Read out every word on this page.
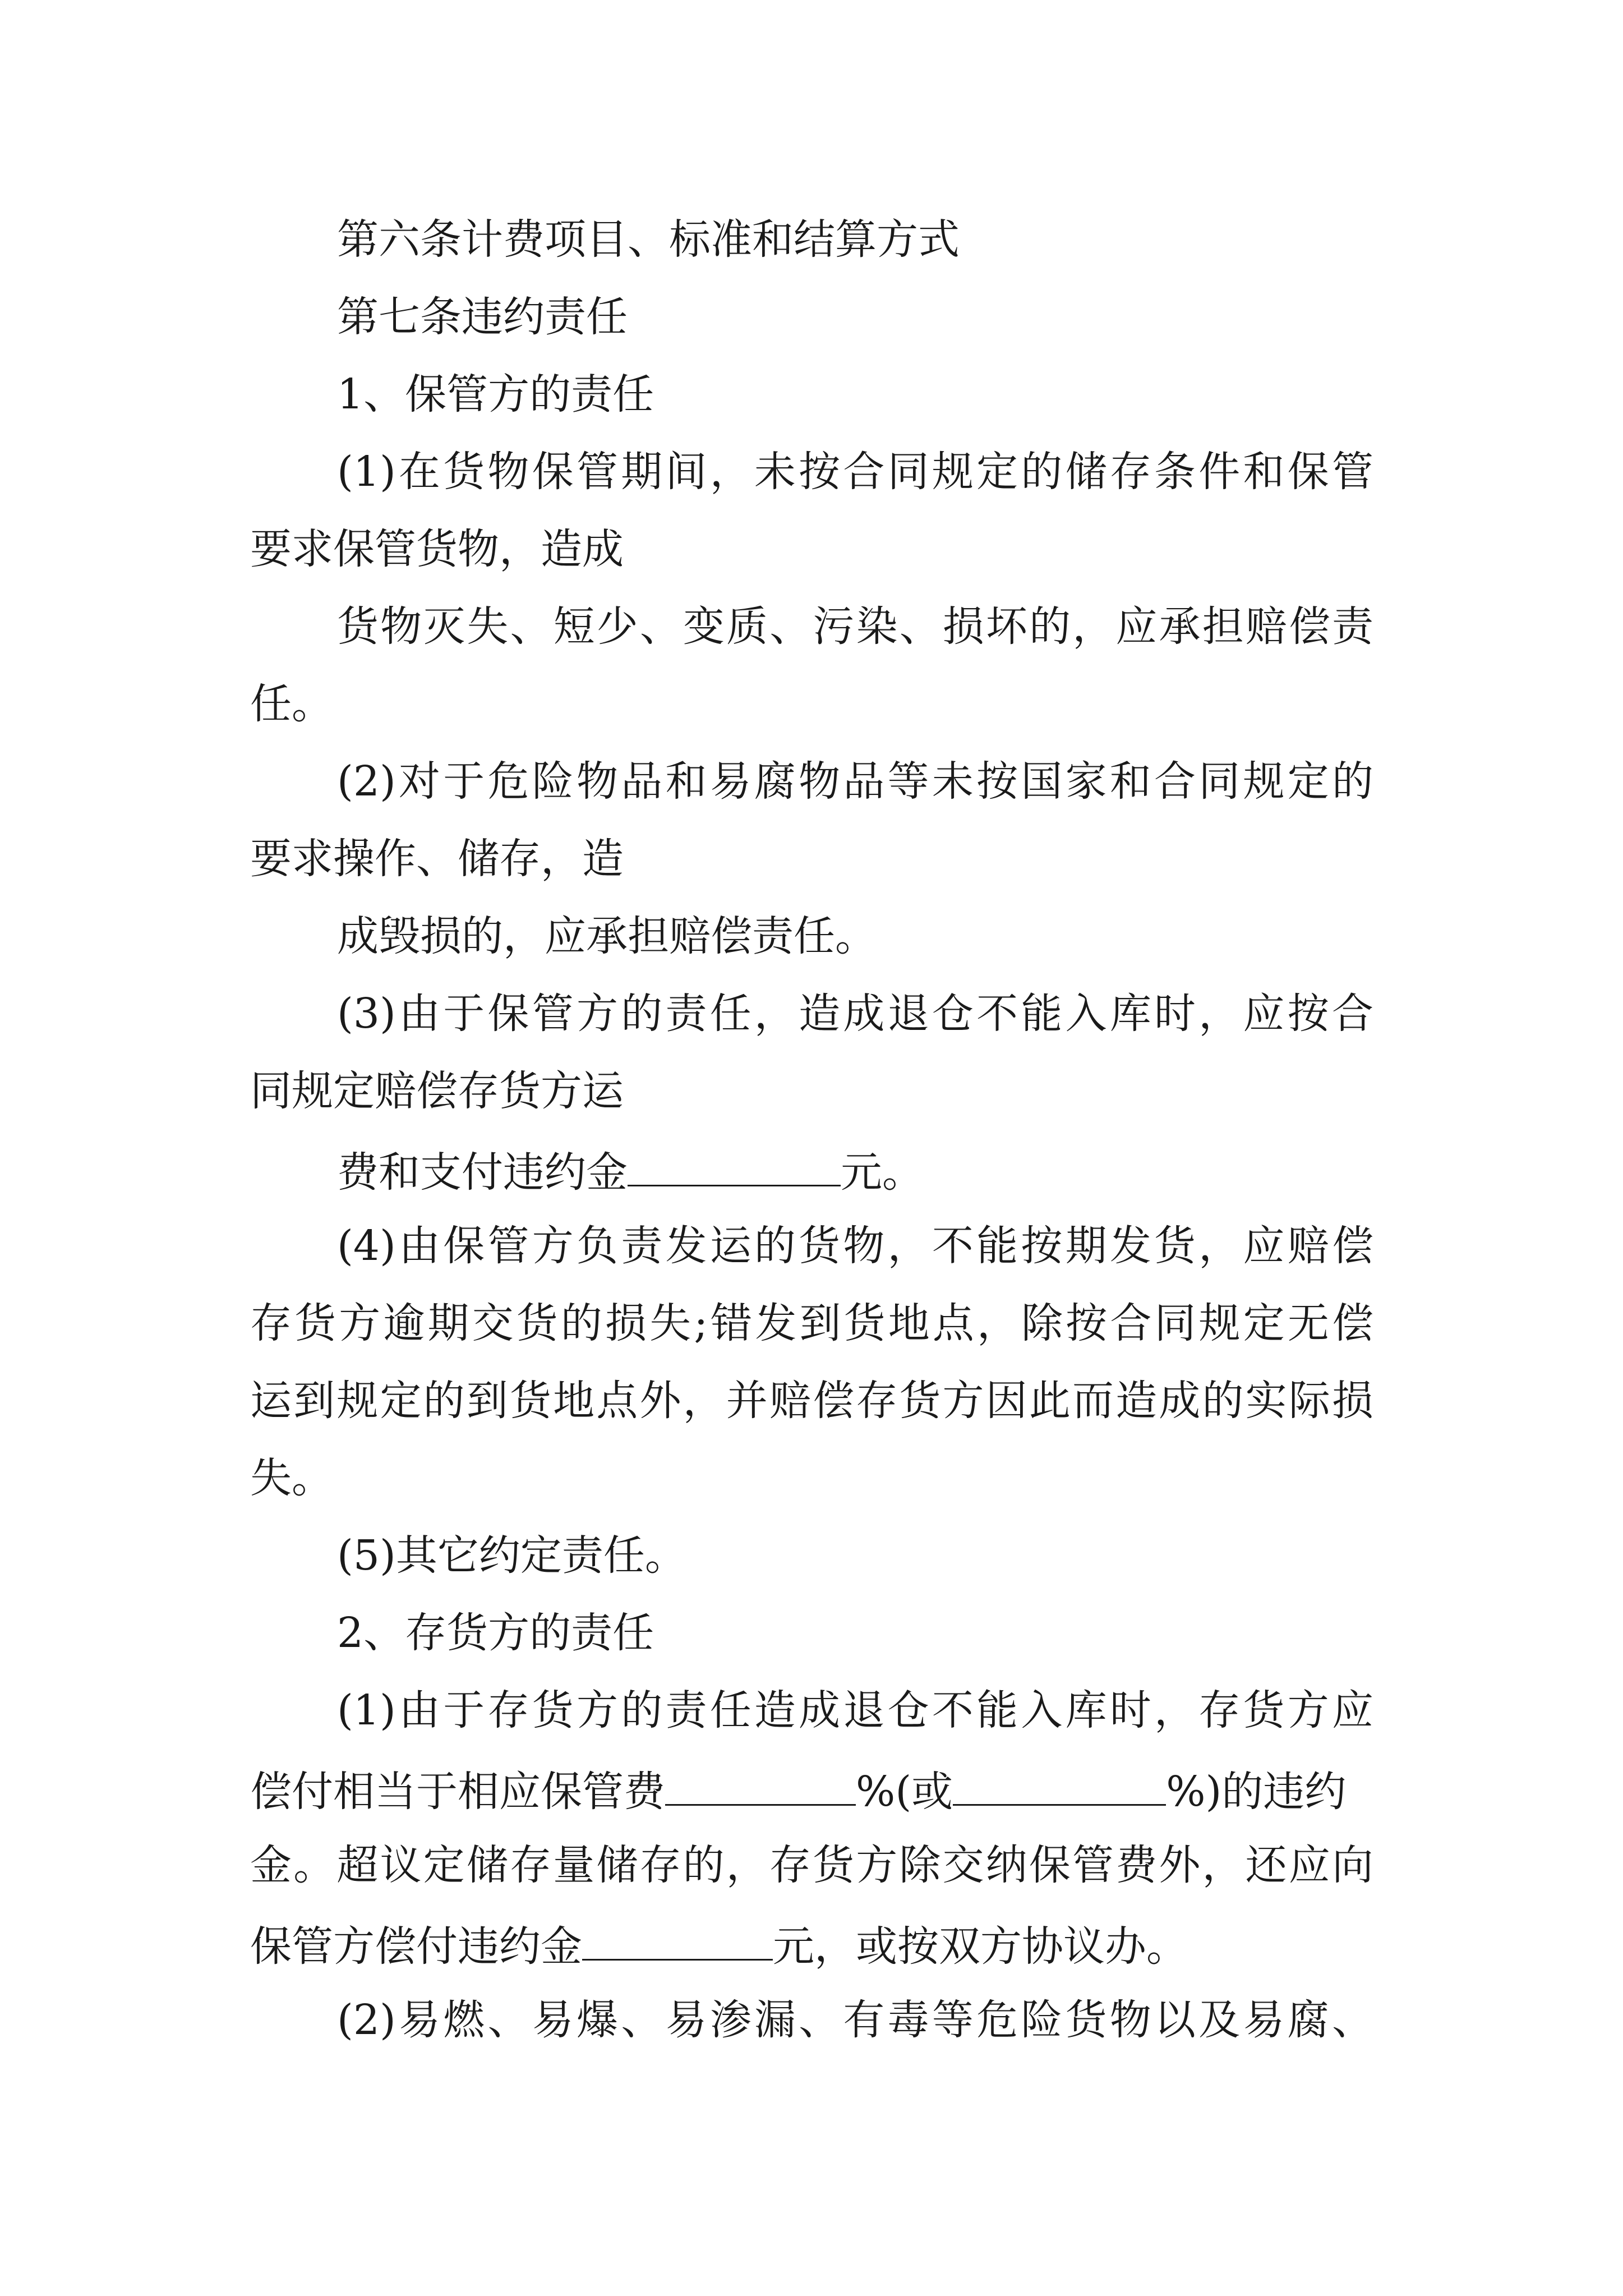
第六条计费项目、标准和结算方式

第七条违约责任

1、保管方的责任

(1)在货物保管期间，未按合同规定的储存条件和保管

要求保管货物，造成

货物灭失、短少、变质、污染、损坏的，应承担赔偿责

任。

(2)对于危险物品和易腐物品等未按国家和合同规定的

要求操作、储存，造

成毁损的，应承担赔偿责任。

(3)由于保管方的责任，造成退仓不能入库时，应按合

同规定赔偿存货方运

费和支付违约金	元。

(4)由保管方负责发运的货物，不能按期发货，应赔偿

存货方逾期交货的损失;错发到货地点，除按合同规定无偿

运到规定的到货地点外，并赔偿存货方因此而造成的实际损

失。

(5)其它约定责任。

2、存货方的责任

(1)由于存货方的责任造成退仓不能入库时，存货方应

偿付相当于相应保管费	%(或	%)的违约

金。超议定储存量储存的，存货方除交纳保管费外，还应向

保管方偿付违约金	元，或按双方协议办。

(2)易燃、易爆、易渗漏、有毒等危险货物以及易腐、
